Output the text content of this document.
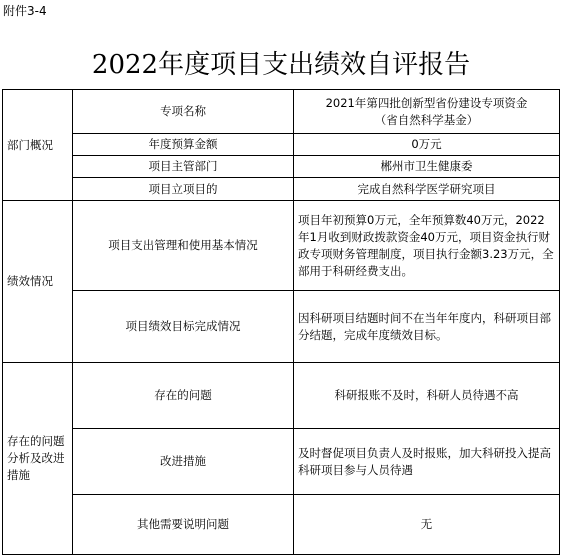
附件3-4
2022年度项目支出绩效自评报告
部门概况	专项名称	2021年第四批创新型省份建设专项资金
（省自然科学基金）

	年度预算金额	0万元
	项目主管部门	郴州市卫生健康委
	项目立项目的	完成自然科学医学研究项目
绩效情况	项目支出管理和使用基本情况	项目年初预算0万元，全年预算数40万元，2022年1月收到财政拨款资金40万元，项目资金执行财政专项财务管理制度，项目执行金额3.23万元，全部用于科研经费支出。
	项目绩效目标完成情况	因科研项目结题时间不在当年年度内，科研项目部分结题，完成年度绩效目标。
存在的问题分析及改进措施	存在的问题	科研报账不及时，科研人员待遇不高
	改进措施	及时督促项目负责人及时报账，加大科研投入提高科研项目参与人员待遇
	其他需要说明问题	无
